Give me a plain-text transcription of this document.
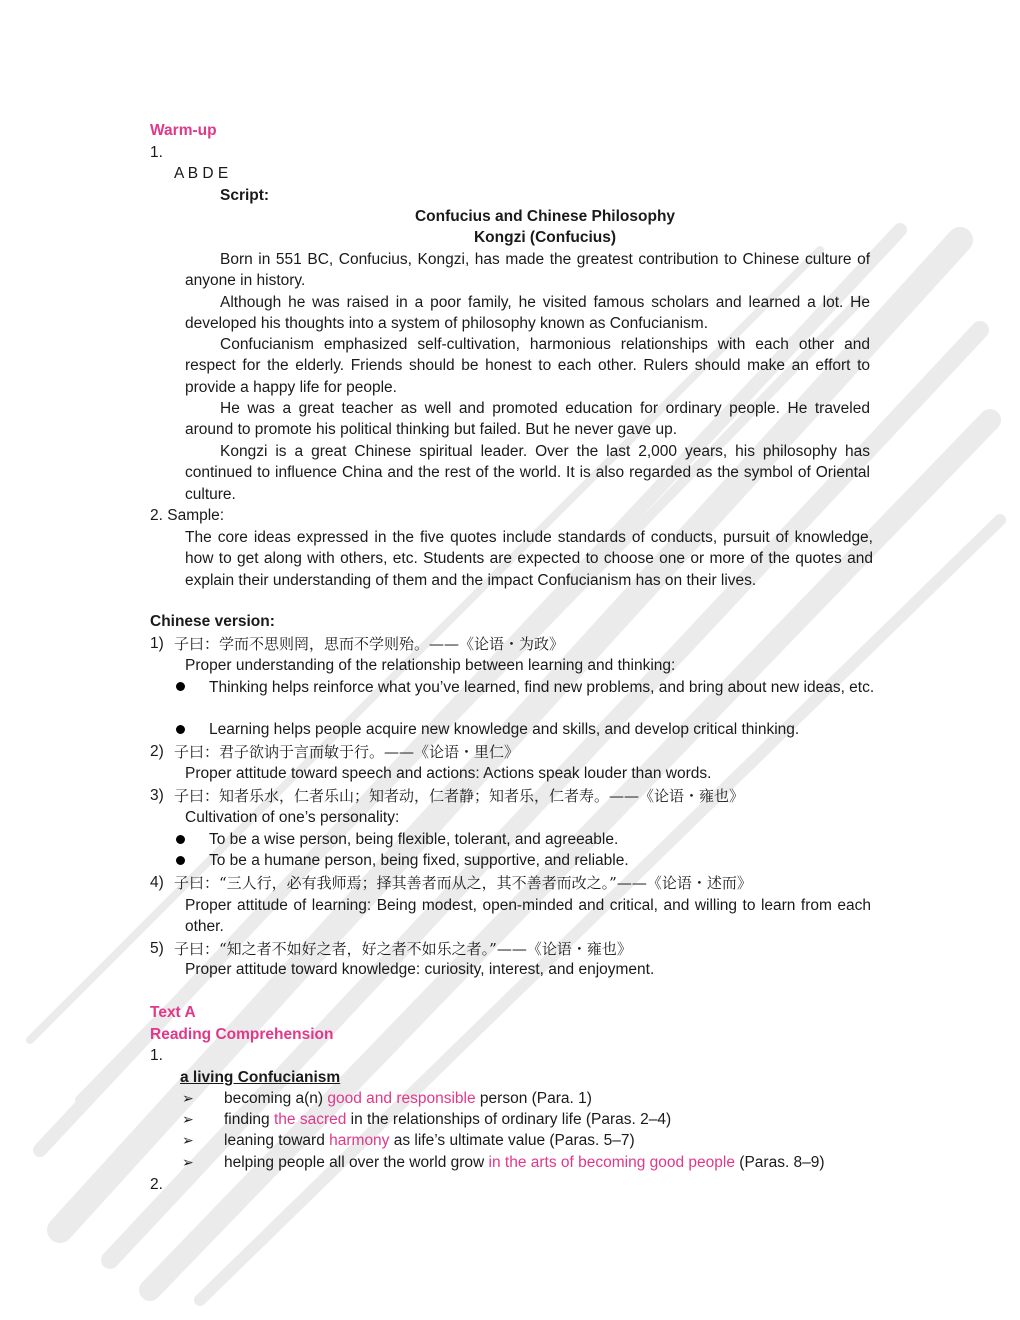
Warm-up
1.
A B D E
Script:
Confucius and Chinese Philosophy
Kongzi (Confucius)
Born in 551 BC, Confucius, Kongzi, has made the greatest contribution to Chinese culture of anyone in history.
Although he was raised in a poor family, he visited famous scholars and learned a lot. He developed his thoughts into a system of philosophy known as Confucianism.
Confucianism emphasized self-cultivation, harmonious relationships with each other and respect for the elderly. Friends should be honest to each other. Rulers should make an effort to provide a happy life for people.
He was a great teacher as well and promoted education for ordinary people. He traveled around to promote his political thinking but failed. But he never gave up.
Kongzi is a great Chinese spiritual leader. Over the last 2,000 years, his philosophy has continued to influence China and the rest of the world. It is also regarded as the symbol of Oriental culture.
2. Sample:
The core ideas expressed in the five quotes include standards of conducts, pursuit of knowledge, how to get along with others, etc. Students are expected to choose one or more of the quotes and explain their understanding of them and the impact Confucianism has on their lives.
Chinese version:
1) 子曰：学而不思则罔，思而不学则殆。——《论语・为政》
Proper understanding of the relationship between learning and thinking:
Thinking helps reinforce what you’ve learned, find new problems, and bring about new ideas, etc.
Learning helps people acquire new knowledge and skills, and develop critical thinking.
2) 子曰：君子欲讷于言而敏于行。——《论语・里仁》
Proper attitude toward speech and actions: Actions speak louder than words.
3) 子曰：知者乐水，仁者乐山；知者动，仁者静；知者乐，仁者寿。——《论语・雍也》
Cultivation of one’s personality:
To be a wise person, being flexible, tolerant, and agreeable.
To be a humane person, being fixed, supportive, and reliable.
4) 子曰：“三人行，必有我师焉；择其善者而从之，其不善者而改之。”——《论语・述而》
Proper attitude of learning: Being modest, open-minded and critical, and willing to learn from each other.
5) 子曰：“知之者不如好之者，好之者不如乐之者。”——《论语・雍也》
Proper attitude toward knowledge: curiosity, interest, and enjoyment.
Text A
Reading Comprehension
1.
a living Confucianism
➢ becoming a(n) good and responsible person (Para. 1)
➢ finding the sacred in the relationships of ordinary life (Paras. 2–4)
➢ leaning toward harmony as life’s ultimate value (Paras. 5–7)
➢ helping people all over the world grow in the arts of becoming good people (Paras. 8–9)
2.
